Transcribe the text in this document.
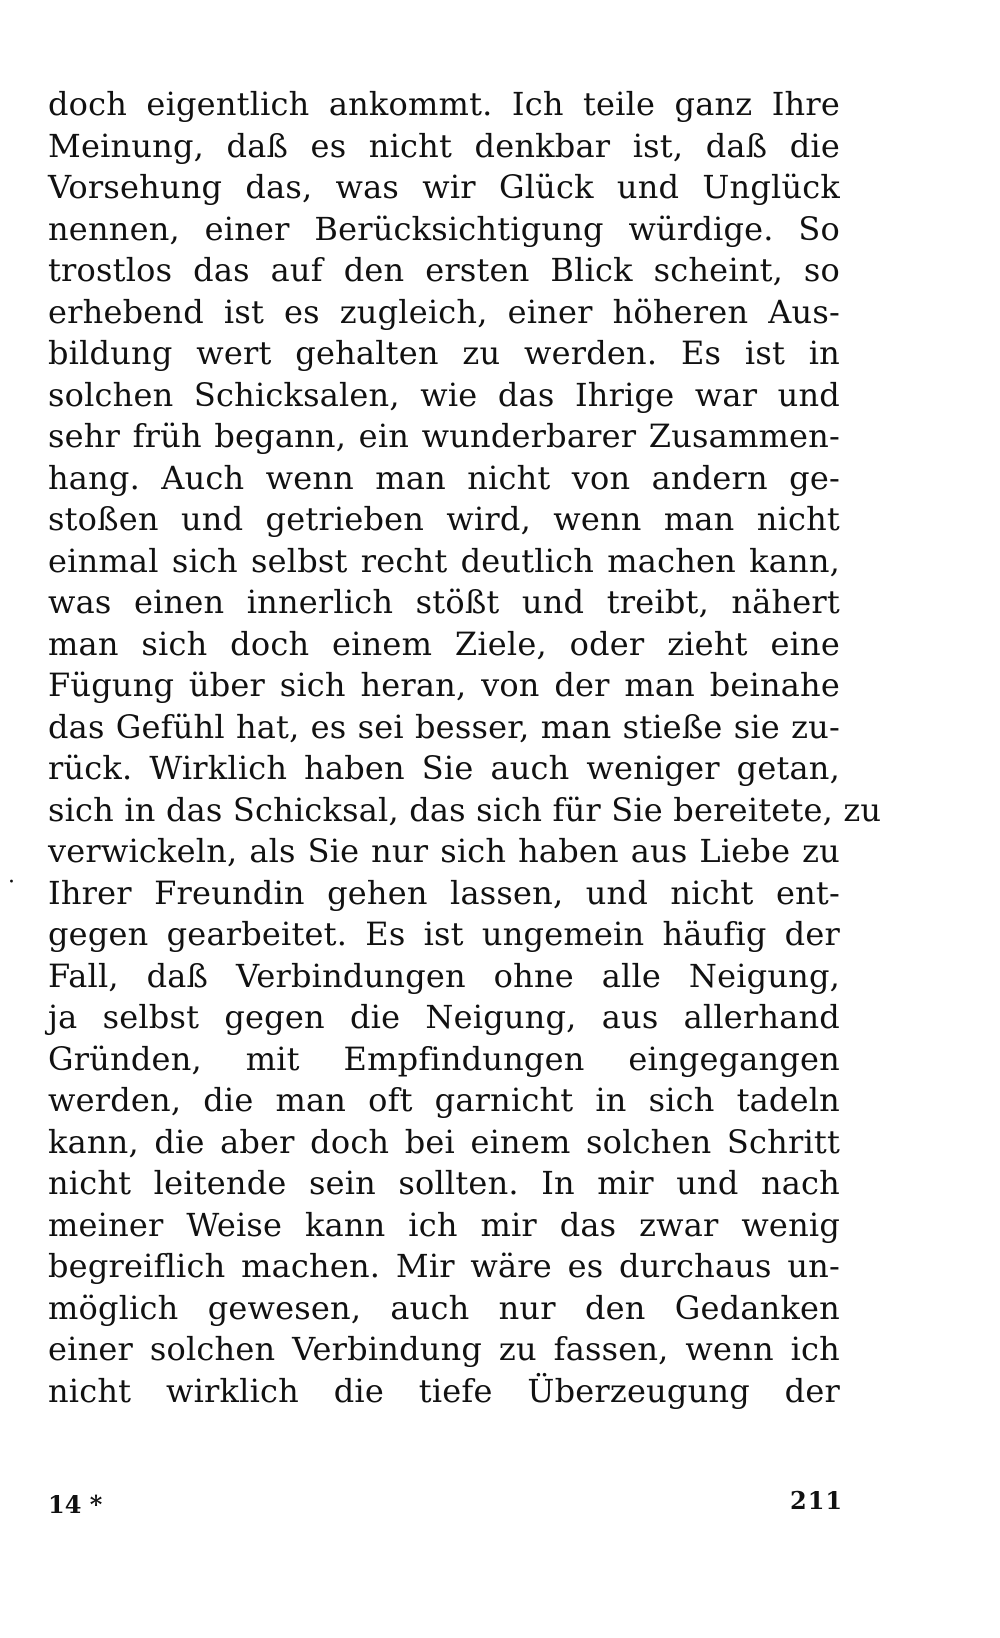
·
doch eigentlich ankommt. Ich teile ganz Ihre
Meinung, daß es nicht denkbar ist, daß die
Vorsehung das, was wir Glück und Unglück
nennen, einer Berücksichtigung würdige. So
trostlos das auf den ersten Blick scheint, so
erhebend ist es zugleich, einer höheren Aus-
bildung wert gehalten zu werden. Es ist in
solchen Schicksalen, wie das Ihrige war und
sehr früh begann, ein wunderbarer Zusammen-
hang. Auch wenn man nicht von andern ge-
stoßen und getrieben wird, wenn man nicht
einmal sich selbst recht deutlich machen kann,
was einen innerlich stößt und treibt, nähert
man sich doch einem Ziele, oder zieht eine
Fügung über sich heran, von der man beinahe
das Gefühl hat, es sei besser, man stieße sie zu-
rück. Wirklich haben Sie auch weniger getan,
sich in das Schicksal, das sich für Sie bereitete, zu
verwickeln, als Sie nur sich haben aus Liebe zu
Ihrer Freundin gehen lassen, und nicht ent-
gegen gearbeitet. Es ist ungemein häufig der
Fall, daß Verbindungen ohne alle Neigung,
ja selbst gegen die Neigung, aus allerhand
Gründen, mit Empfindungen eingegangen
werden, die man oft garnicht in sich tadeln
kann, die aber doch bei einem solchen Schritt
nicht leitende sein sollten. In mir und nach
meiner Weise kann ich mir das zwar wenig
begreiflich machen. Mir wäre es durchaus un-
möglich gewesen, auch nur den Gedanken
einer solchen Verbindung zu fassen, wenn ich
nicht wirklich die tiefe Überzeugung der
14 *	211
